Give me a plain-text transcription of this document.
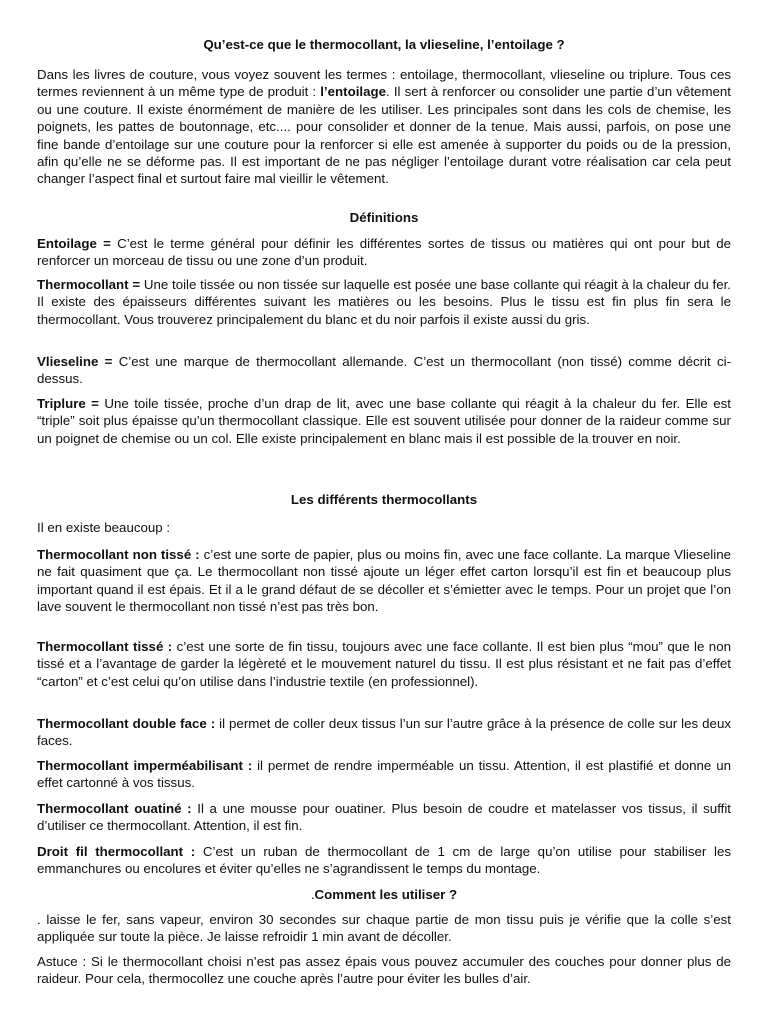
Qu’est-ce que le thermocollant, la vlieseline, l’entoilage ?
Dans les livres de couture, vous voyez souvent les termes : entoilage, thermocollant, vlieseline ou triplure. Tous ces termes reviennent à un même type de produit : l’entoilage. Il sert à renforcer ou consolider une partie d’un vêtement ou une couture. Il existe énormément de manière de les utiliser. Les principales sont dans les cols de chemise, les poignets, les pattes de boutonnage, etc.... pour consolider et donner de la tenue. Mais aussi, parfois, on pose une fine bande d’entoilage sur une couture pour la renforcer si elle est amenée à supporter du poids ou de la pression, afin qu’elle ne se déforme pas. Il est important de ne pas négliger l’entoilage durant votre réalisation car cela peut changer l’aspect final et surtout faire mal vieillir le vêtement.
Définitions
Entoilage = C’est le terme général pour définir les différentes sortes de tissus ou matières qui ont pour but de renforcer un morceau de tissu ou une zone d’un produit.
Thermocollant = Une toile tissée ou non tissée sur laquelle est posée une base collante qui réagit à la chaleur du fer. Il existe des épaisseurs différentes suivant les matières ou les besoins. Plus le tissu est fin plus fin sera le thermocollant. Vous trouverez principalement du blanc et du noir parfois il existe aussi du gris.
Vlieseline = C’est une marque de thermocollant allemande. C’est un thermocollant (non tissé) comme décrit ci-dessus.
Triplure = Une toile tissée, proche d’un drap de lit, avec une base collante qui réagit à la chaleur du fer. Elle est “triple” soit plus épaisse qu’un thermocollant classique. Elle est souvent utilisée pour donner de la raideur comme sur un poignet de chemise ou un col. Elle existe principalement en blanc mais il est possible de la trouver en noir.
Les différents thermocollants
Il en existe beaucoup :
Thermocollant non tissé : c’est une sorte de papier, plus ou moins fin, avec une face collante. La marque Vlieseline ne fait quasiment que ça. Le thermocollant non tissé ajoute un léger effet carton lorsqu’il est fin et beaucoup plus important quand il est épais. Et il a le grand défaut de se décoller et s’émietter avec le temps. Pour un projet que l’on lave souvent le thermocollant non tissé n’est pas très bon.
Thermocollant tissé : c’est une sorte de fin tissu, toujours avec une face collante. Il est bien plus “mou” que le non tissé et a l’avantage de garder la légèreté et le mouvement naturel du tissu. Il est plus résistant et ne fait pas d’effet “carton” et c’est celui qu’on utilise dans l’industrie textile (en professionnel).
Thermocollant double face : il permet de coller deux tissus l’un sur l’autre grâce à la présence de colle sur les deux faces.
Thermocollant imperméabilisant : il permet de rendre imperméable un tissu. Attention, il est plastifié et donne un effet cartonné à vos tissus.
Thermocollant ouatiné : Il a une mousse pour ouatiner. Plus besoin de coudre et matelasser vos tissus, il suffit d’utiliser ce thermocollant. Attention, il est fin.
Droit fil thermocollant : C’est un ruban de thermocollant de 1 cm de large qu’on utilise pour stabiliser les emmanchures ou encolures et éviter qu’elles ne s’agrandissent le temps du montage.
.Comment les utiliser ?
. laisse le fer, sans vapeur, environ 30 secondes sur chaque partie de mon tissu puis je vérifie que la colle s’est appliquée sur toute la pièce. Je laisse refroidir 1 min avant de décoller.
Astuce : Si le thermocollant choisi n’est pas assez épais vous pouvez accumuler des couches pour donner plus de raideur. Pour cela, thermocollez une couche après l’autre pour éviter les bulles d’air.
